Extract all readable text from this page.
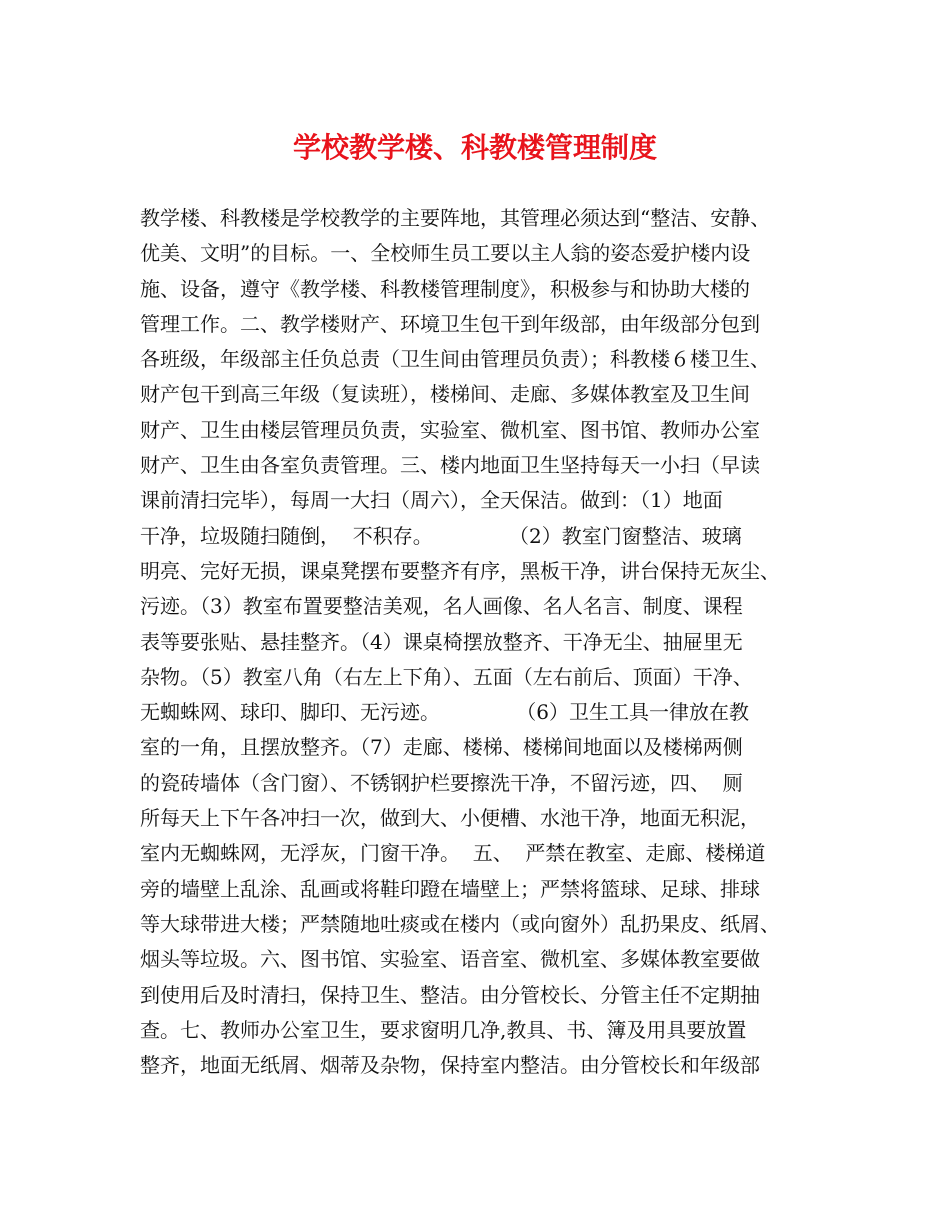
学校教学楼、科教楼管理制度
教学楼、科教楼是学校教学的主要阵地，其管理必须达到“整洁、安静、
优美、文明”的目标。一、全校师生员工要以主人翁的姿态爱护楼内设
施、设备，遵守《教学楼、科教楼管理制度》，积极参与和协助大楼的
管理工作。二、教学楼财产、环境卫生包干到年级部，由年级部分包到
各班级，年级部主任负总责（卫生间由管理员负责）；科教楼６楼卫生、
财产包干到高三年级（复读班），楼梯间、走廊、多媒体教室及卫生间
财产、卫生由楼层管理员负责，实验室、微机室、图书馆、教师办公室
财产、卫生由各室负责管理。三、楼内地面卫生坚持每天一小扫（早读
课前清扫完毕），每周一大扫（周六），全天保洁。做到：（1）地面
干净，垃圾随扫随倒，  不积存。            （2）教室门窗整洁、玻璃
明亮、完好无损，课桌凳摆布要整齐有序，黑板干净，讲台保持无灰尘、
污迹。（3）教室布置要整洁美观，名人画像、名人名言、制度、课程
表等要张贴、悬挂整齐。（4）课桌椅摆放整齐、干净无尘、抽屉里无
杂物。（5）教室八角（右左上下角）、五面（左右前后、顶面）干净、
无蜘蛛网、球印、脚印、无污迹。            （6）卫生工具一律放在教
室的一角，且摆放整齐。（7）走廊、楼梯、楼梯间地面以及楼梯两侧
的瓷砖墙体（含门窗）、不锈钢护栏要擦洗干净，不留污迹，四、  厕
所每天上下午各冲扫一次，做到大、小便槽、水池干净，地面无积泥，
室内无蜘蛛网，无浮灰，门窗干净。  五、  严禁在教室、走廊、楼梯道
旁的墙壁上乱涂、乱画或将鞋印蹬在墙壁上；严禁将篮球、足球、排球
等大球带进大楼；严禁随地吐痰或在楼内（或向窗外）乱扔果皮、纸屑、
烟头等垃圾。六、图书馆、实验室、语音室、微机室、多媒体教室要做
到使用后及时清扫，保持卫生、整洁。由分管校长、分管主任不定期抽
查。七、教师办公室卫生，要求窗明几净,教具、书、簿及用具要放置
整齐，地面无纸屑、烟蒂及杂物，保持室内整洁。由分管校长和年级部
